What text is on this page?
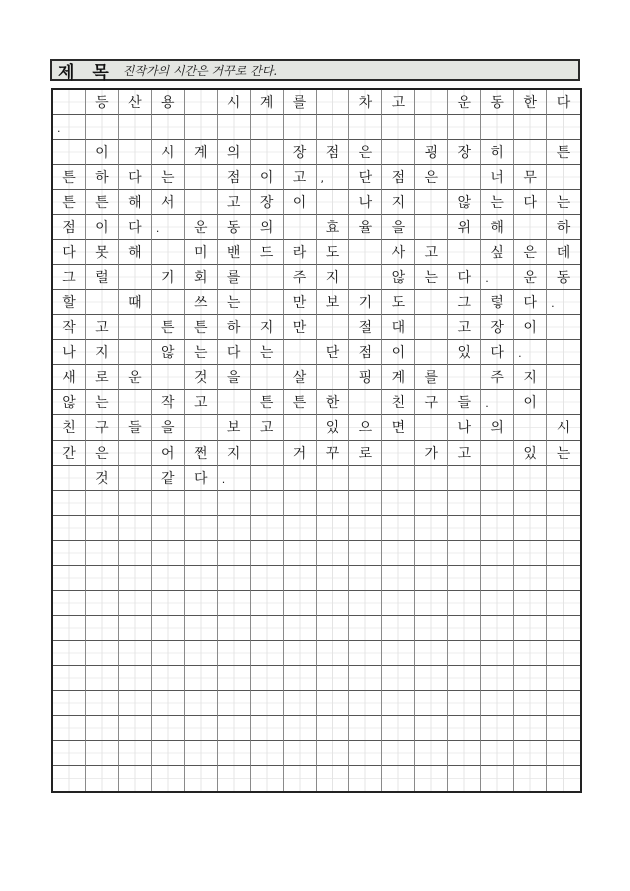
제 목 진작가의 시간은 거꾸로 간다.
등	산	용	시	계	를	차	고	운	동	한	다
.
이	시	계	의	장	점	은	굉	장	히	튼
튼	하	다	는	점	이	고	,	단	점	은	너	무
튼	튼	해	서	고	장	이	나	지	않	는	다	는
점	이	다	.	운	동	의	효	율	을	위	해	하
다	못	해	미	밴	드	라	도	사	고	싶	은	데
그	럴	기	회	를	주	지	않	는	다	.	운	동
할	때	쓰	는	만	보	기	도	그	렇	다	.
작	고	튼	튼	하	지	만	절	대	고	장	이
나	지	않	는	다	는	단	점	이	있	다	.
새	로	운	것	을	살	핑	계	를	주	지
않	는	작	고	튼	튼	한	친	구	들	.	이
친	구	들	을	보	고	있	으	면	나	의	시
간	은	어	쩐	지	거	꾸	로	가	고	있	는
것	같	다	.
